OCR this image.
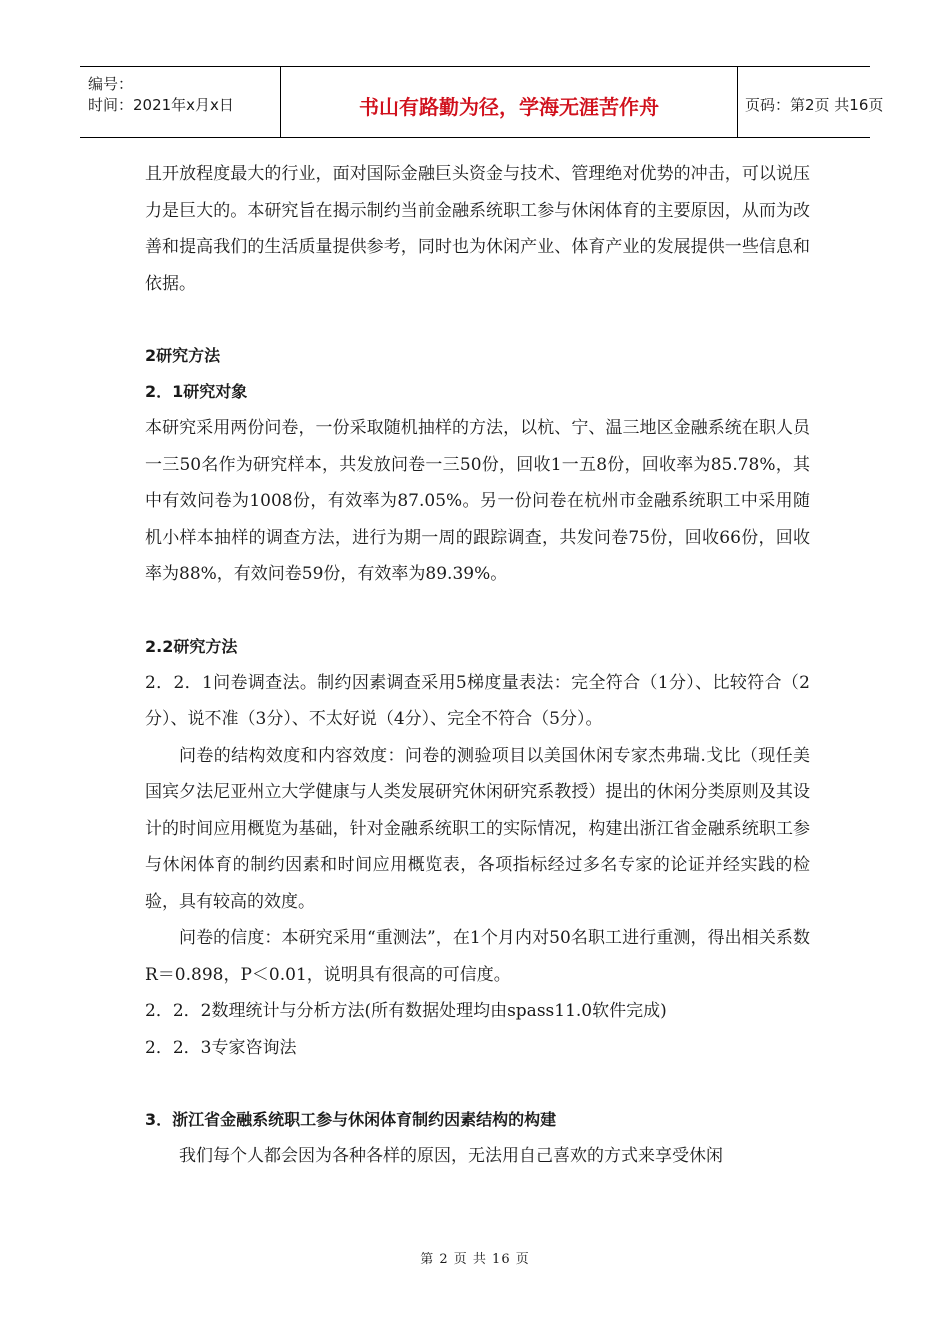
编号：
时间：2021年x月x日	书山有路勤为径，学海无涯苦作舟	页码：第2页 共16页

且开放程度最大的行业，面对国际金融巨头资金与技术、管理绝对优势的冲击，可以说压力是巨大的。本研究旨在揭示制约当前金融系统职工参与休闲体育的主要原因，从而为改善和提高我们的生活质量提供参考，同时也为休闲产业、体育产业的发展提供一些信息和依据。

2研究方法

2．1研究对象

本研究采用两份问卷，一份采取随机抽样的方法，以杭、宁、温三地区金融系统在职人员一三50名作为研究样本，共发放问卷一三50份，回收1一五8份，回收率为85.78%，其中有效问卷为1008份，有效率为87.05%。另一份问卷在杭州市金融系统职工中采用随机小样本抽样的调查方法，进行为期一周的跟踪调查，共发问卷75份，回收66份，回收率为88%，有效问卷59份，有效率为89.39%。

2.2研究方法

2．2．1问卷调查法。制约因素调查采用5梯度量表法：完全符合（1分）、比较符合（2分）、说不准（3分）、不太好说（4分）、完全不符合（5分）。

问卷的结构效度和内容效度：问卷的测验项目以美国休闲专家杰弗瑞.戈比（现任美国宾夕法尼亚州立大学健康与人类发展研究休闲研究系教授）提出的休闲分类原则及其设计的时间应用概览为基础，针对金融系统职工的实际情况，构建出浙江省金融系统职工参与休闲体育的制约因素和时间应用概览表，各项指标经过多名专家的论证并经实践的检验，具有较高的效度。

问卷的信度：本研究采用“重测法”，在1个月内对50名职工进行重测，得出相关系数R＝0.898，P＜0.01，说明具有很高的可信度。

2．2．2数理统计与分析方法(所有数据处理均由spass11.0软件完成)

2．2．3专家咨询法

3．浙江省金融系统职工参与休闲体育制约因素结构的构建

我们每个人都会因为各种各样的原因，无法用自己喜欢的方式来享受休闲

第 2 页 共 16 页
